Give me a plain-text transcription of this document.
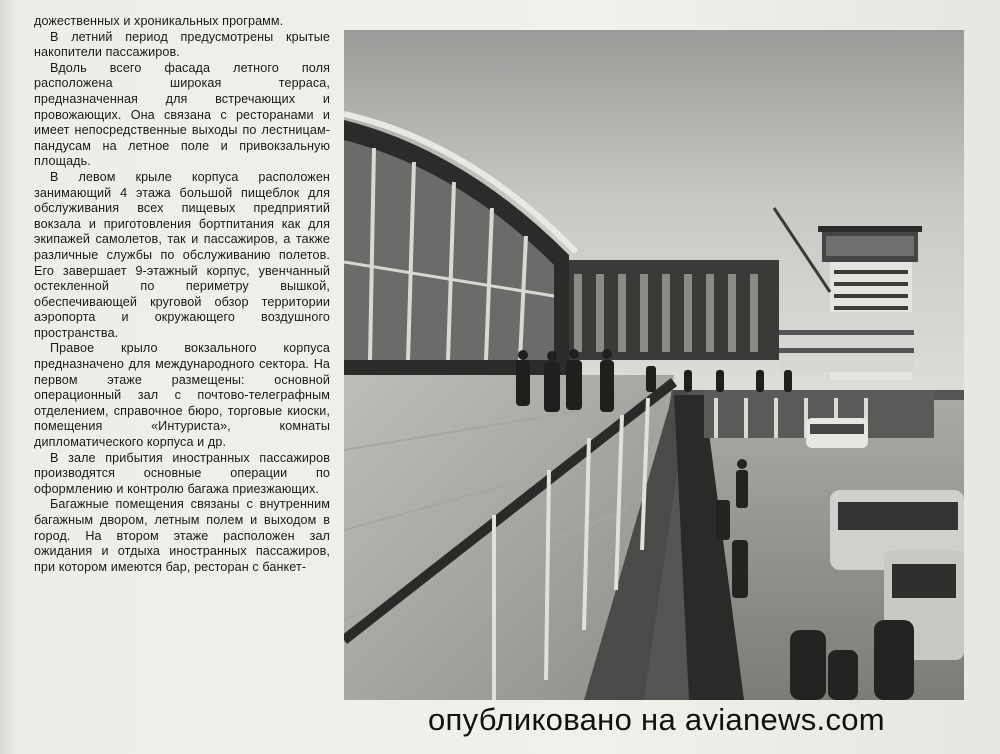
дожественных и хроникальных программ.

В летний период предусмотрены крытые накопители пассажиров.

Вдоль всего фасада летного поля расположена широкая терраса, предназначенная для встречающих и провожающих. Она связана с ресторанами и имеет непосредственные выходы по лестницам-пандусам на летное поле и привокзальную площадь.

В левом крыле корпуса расположен занимающий 4 этажа большой пищеблок для обслуживания всех пищевых предприятий вокзала и приготовления бортпитания как для экипажей самолетов, так и пассажиров, а также различные службы по обслуживанию полетов. Его завершает 9-этажный корпус, увенчанный остекленной по периметру вышкой, обеспечивающей круговой обзор территории аэропорта и окружающего воздушного пространства.

Правое крыло вокзального корпуса предназначено для международного сектора. На первом этаже размещены: основной операционный зал с почтово-телеграфным отделением, справочное бюро, торговые киоски, помещения «Интуриста», комнаты дипломатического корпуса и др.

В зале прибытия иностранных пассажиров производятся основные операции по оформлению и контролю багажа приезжающих.

Багажные помещения связаны с внутренним багажным двором, летным полем и выходом в город. На втором этаже расположен зал ожидания и отдыха иностранных пассажиров, при котором имеются бар, ресторан с банкет-

опубликовано на avianews.com
